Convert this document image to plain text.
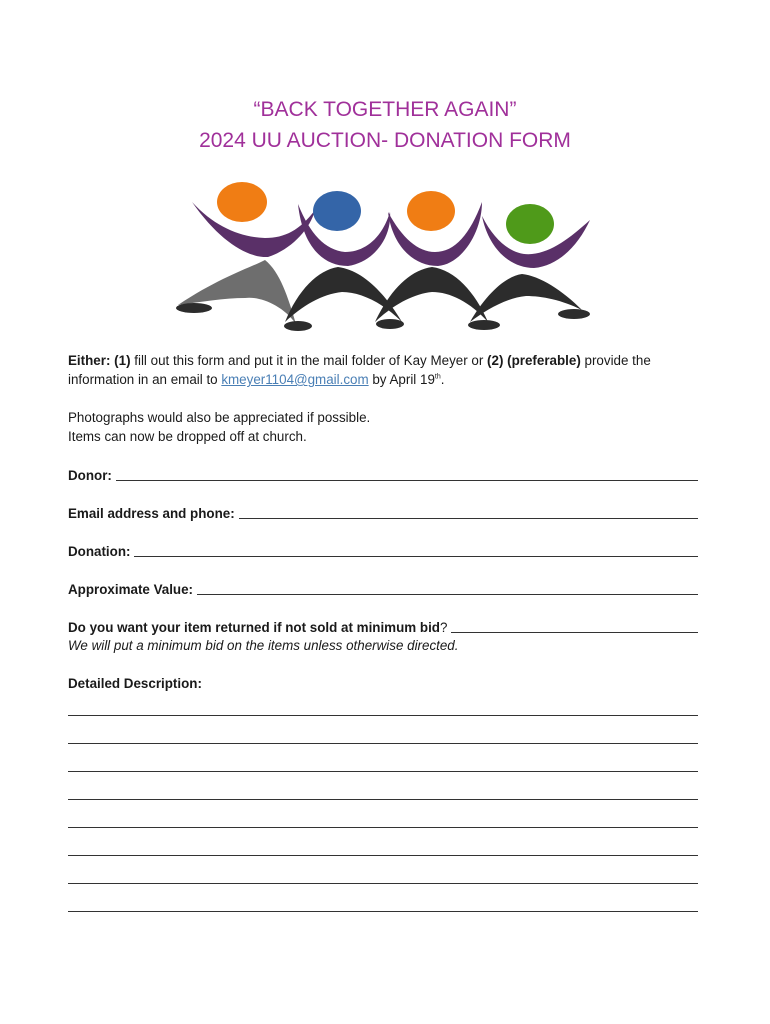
“BACK TOGETHER AGAIN”
2024 UU AUCTION- DONATION FORM
Either: (1) fill out this form and put it in the mail folder of Kay Meyer or (2) (preferable) provide the information in an email to kmeyer1104@gmail.com by April 19th.
Photographs would also be appreciated if possible.
Items can now be dropped off at church.
Donor:
Email address and phone:
Donation:
Approximate Value:
Do you want your item returned if not sold at minimum bid?
We will put a minimum bid on the items unless otherwise directed.
Detailed Description:
